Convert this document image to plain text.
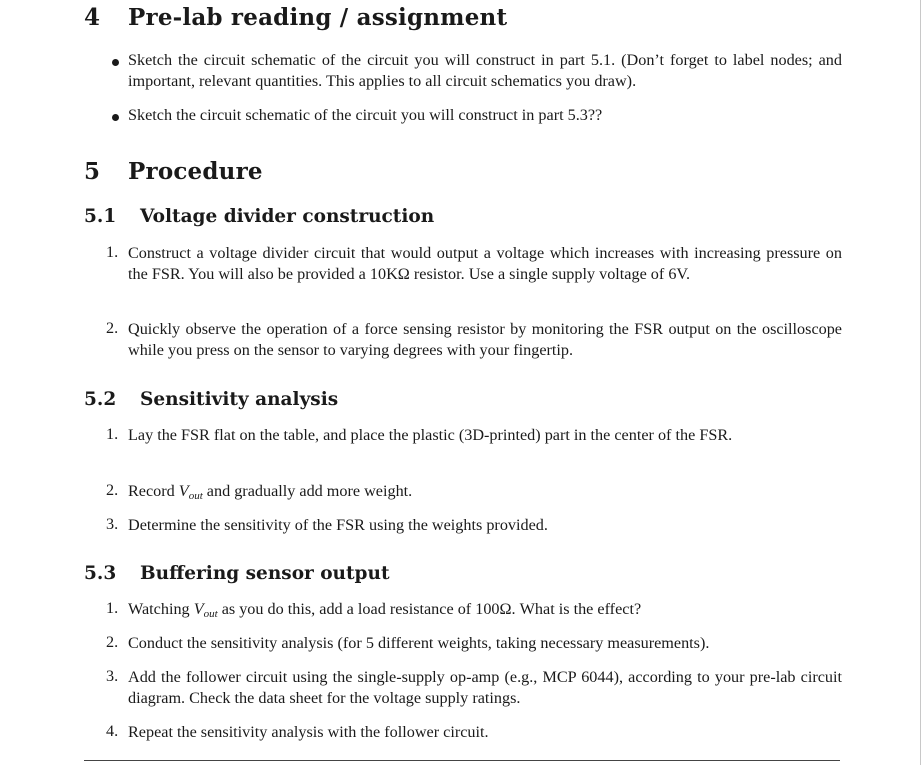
4 Pre-lab reading / assignment
Sketch the circuit schematic of the circuit you will construct in part 5.1. (Don’t forget to label nodes; and important, relevant quantities. This applies to all circuit schematics you draw).
Sketch the circuit schematic of the circuit you will construct in part 5.3??
5 Procedure
5.1 Voltage divider construction
1. Construct a voltage divider circuit that would output a voltage which increases with increasing pressure on the FSR. You will also be provided a 10KΩ resistor. Use a single supply voltage of 6V.
2. Quickly observe the operation of a force sensing resistor by monitoring the FSR output on the oscilloscope while you press on the sensor to varying degrees with your fingertip.
5.2 Sensitivity analysis
1. Lay the FSR flat on the table, and place the plastic (3D-printed) part in the center of the FSR.
2. Record $V_{out}$ and gradually add more weight.
3. Determine the sensitivity of the FSR using the weights provided.
5.3 Buffering sensor output
1. Watching $V_{out}$ as you do this, add a load resistance of 100Ω. What is the effect?
2. Conduct the sensitivity analysis (for 5 different weights, taking necessary measurements).
3. Add the follower circuit using the single-supply op-amp (e.g., MCP 6044), according to your pre-lab circuit diagram. Check the data sheet for the voltage supply ratings.
4. Repeat the sensitivity analysis with the follower circuit.
